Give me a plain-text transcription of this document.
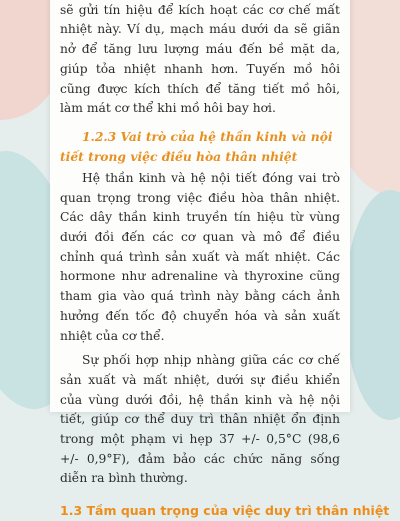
sẽ gửi tín hiệu để kích hoạt các cơ chế mất nhiệt này. Ví dụ, mạch máu dưới da sẽ giãn nở để tăng lưu lượng máu đến bề mặt da, giúp tỏa nhiệt nhanh hơn. Tuyến mồ hôi cũng được kích thích để tăng tiết mồ hôi, làm mát cơ thể khi mồ hôi bay hơi.

1.2.3 Vai trò của hệ thần kinh và nội tiết trong việc điều hòa thân nhiệt

Hệ thần kinh và hệ nội tiết đóng vai trò quan trọng trong việc điều hòa thân nhiệt. Các dây thần kinh truyền tín hiệu từ vùng dưới đồi đến các cơ quan và mô để điều chỉnh quá trình sản xuất và mất nhiệt. Các hormone như adrenaline và thyroxine cũng tham gia vào quá trình này bằng cách ảnh hưởng đến tốc độ chuyển hóa và sản xuất nhiệt của cơ thể.

Sự phối hợp nhịp nhàng giữa các cơ chế sản xuất và mất nhiệt, dưới sự điều khiển của vùng dưới đồi, hệ thần kinh và hệ nội tiết, giúp cơ thể duy trì thân nhiệt ổn định trong một phạm vi hẹp 37 +/- 0,5°C (98,6 +/- 0,9°F), đảm bảo các chức năng sống diễn ra bình thường.

1.3 Tầm quan trọng của việc duy trì thân nhiệt
